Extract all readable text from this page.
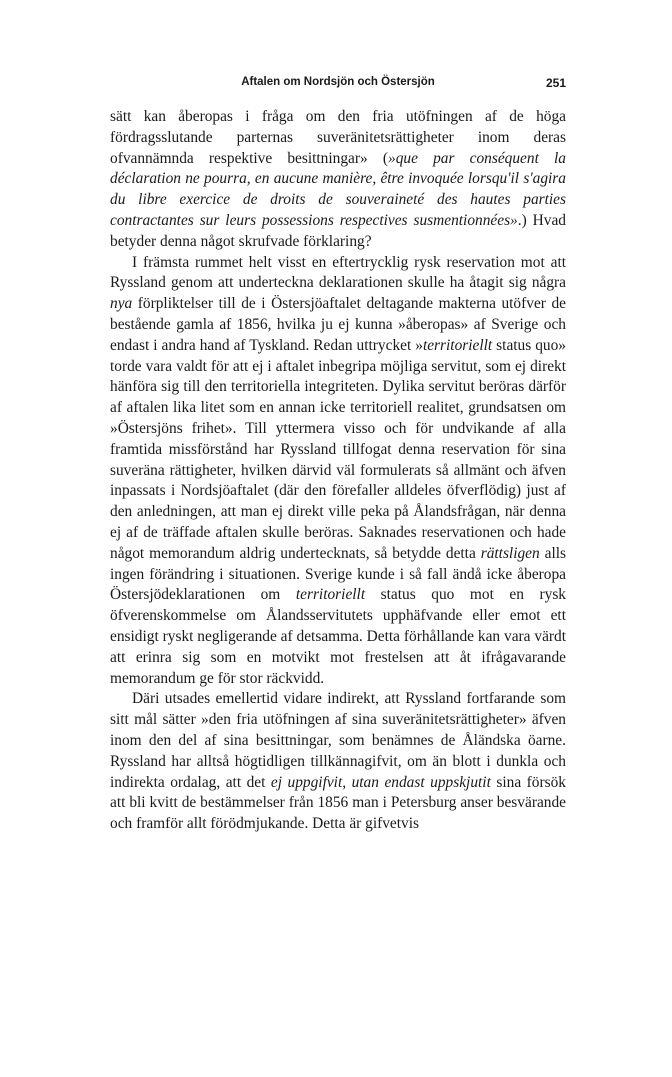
Aftalen om Nordsjön och Östersjön	251

sätt kan åberopas i fråga om den fria utöfningen af de höga fördragsslutande parternas suveränitetsrättigheter inom deras ofvannämnda respektive besittningar» (»que par conséquent la déclaration ne pourra, en aucune manière, être invoquée lorsqu'il s'agira du libre exercice de droits de souveraineté des hautes parties contractantes sur leurs possessions respectives susmentionnées».) Hvad betyder denna något skrufvade förklaring?

I främsta rummet helt visst en eftertrycklig rysk reservation mot att Ryssland genom att underteckna deklarationen skulle ha åtagit sig några nya förpliktelser till de i Östersjöaftalet deltagande makterna utöfver de bestående gamla af 1856, hvilka ju ej kunna »åberopas» af Sverige och endast i andra hand af Tyskland. Redan uttrycket »territoriellt status quo» torde vara valdt för att ej i aftalet inbegripa möjliga servitut, som ej direkt hänföra sig till den territoriella integriteten. Dylika servitut beröras därför af aftalen lika litet som en annan icke territoriell realitet, grundsatsen om »Östersjöns frihet». Till yttermera visso och för undvikande af alla framtida missförstånd har Ryssland tillfogat denna reservation för sina suveräna rättigheter, hvilken därvid väl formulerats så allmänt och äfven inpassats i Nordsjöaftalet (där den förefaller alldeles öfverflödig) just af den anledningen, att man ej direkt ville peka på Ålandsfrågan, när denna ej af de träffade aftalen skulle beröras. Saknades reservationen och hade något memorandum aldrig undertecknats, så betydde detta rättsligen alls ingen förändring i situationen. Sverige kunde i så fall ändå icke åberopa Östersjödeklarationen om territoriellt status quo mot en rysk öfverenskommelse om Ålandsservitutets upphäfvande eller emot ett ensidigt ryskt negligerande af detsamma. Detta förhållande kan vara värdt att erinra sig som en motvikt mot frestelsen att åt ifrågavarande memorandum ge för stor räckvidd.

Däri utsades emellertid vidare indirekt, att Ryssland fortfarande som sitt mål sätter »den fria utöfningen af sina suveränitetsrättigheter» äfven inom den del af sina besittningar, som benämnes de Åländska öarne. Ryssland har alltså högtidligen tillkännagifvit, om än blott i dunkla och indirekta ordalag, att det ej uppgifvit, utan endast uppskjutit sina försök att bli kvitt de bestämmelser från 1856 man i Petersburg anser besvärande och framför allt förödmjukande. Detta är gifvetvis
